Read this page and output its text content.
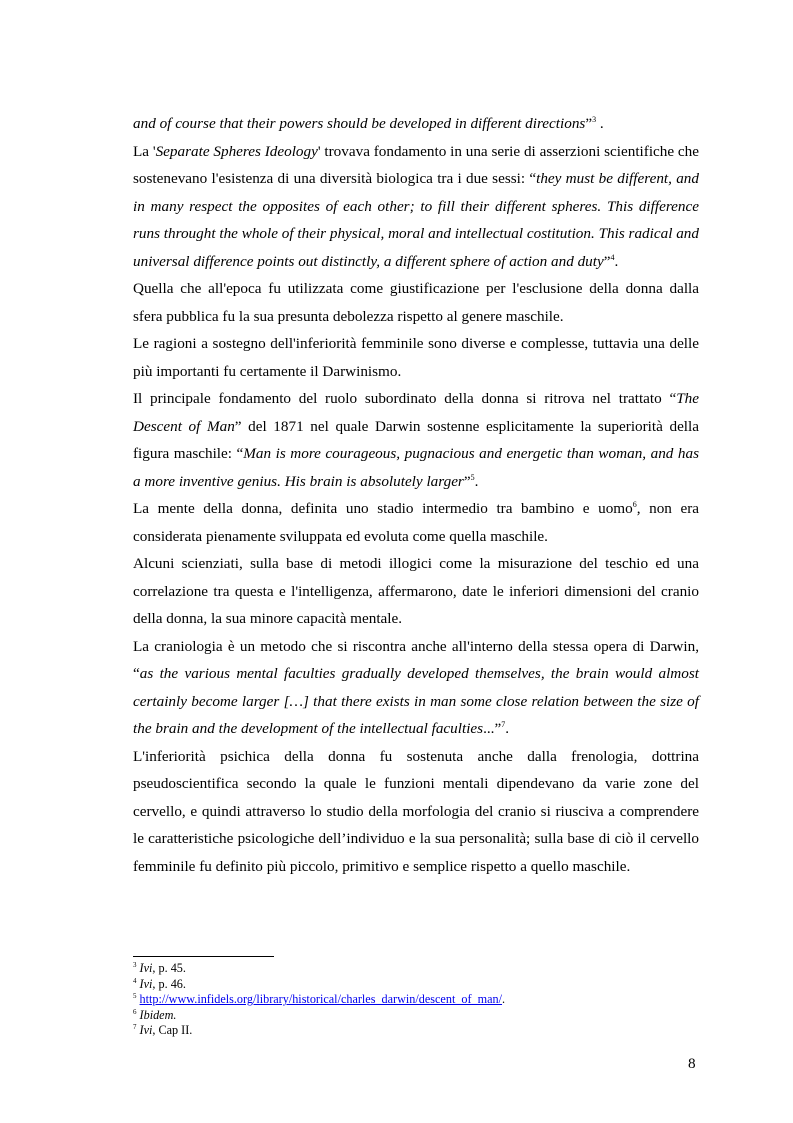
and of course that their powers should be developed in different directions”$^3$ .

La 'Separate Spheres Ideology' trovava fondamento in una serie di asserzioni scientifiche che sostenevano l'esistenza di una diversità biologica tra i due sessi: “they must be different, and in many respect the opposites of each other; to fill their different spheres. This difference runs throught the whole of their physical, moral and intellectual costitution. This radical and universal difference points out distinctly, a different sphere of action and duty”$^4$.

Quella che all'epoca fu utilizzata come giustificazione per l'esclusione della donna dalla sfera pubblica fu la sua presunta debolezza rispetto al genere maschile.

Le ragioni a sostegno dell'inferiorità femminile sono diverse e complesse, tuttavia una delle più importanti fu certamente il Darwinismo.

Il principale fondamento del ruolo subordinato della donna si ritrova nel trattato “The Descent of Man” del 1871 nel quale Darwin sostenne esplicitamente la superiorità della figura maschile: “Man is more courageous, pugnacious and energetic than woman, and has a more inventive genius. His brain is absolutely larger”$^5$.

La mente della donna, definita uno stadio intermedio tra bambino e uomo$^6$, non era considerata pienamente sviluppata ed evoluta come quella maschile.

Alcuni scienziati, sulla base di metodi illogici come la misurazione del teschio ed una correlazione tra questa e l'intelligenza, affermarono, date le inferiori dimensioni del cranio della donna, la sua minore capacità mentale.

La craniologia è un metodo che si riscontra anche all'interno della stessa opera di Darwin, “as the various mental faculties gradually developed themselves, the brain would almost certainly become larger […] that there exists in man some close relation between the size of the brain and the development of the intellectual faculties...”$^7$.

L'inferiorità psichica della donna fu sostenuta anche dalla frenologia, dottrina pseudoscientifica secondo la quale le funzioni mentali dipendevano da varie zone del cervello, e quindi attraverso lo studio della morfologia del cranio si riusciva a comprendere le caratteristiche psicologiche dell’individuo e la sua personalità; sulla base di ciò il cervello femminile fu definito più piccolo, primitivo e semplice rispetto a quello maschile.

$^3$ Ivi, p. 45.
$^4$ Ivi, p. 46.
$^5$ http://www.infidels.org/library/historical/charles_darwin/descent_of_man/.
$^6$ Ibidem.
$^7$ Ivi, Cap II.
8
